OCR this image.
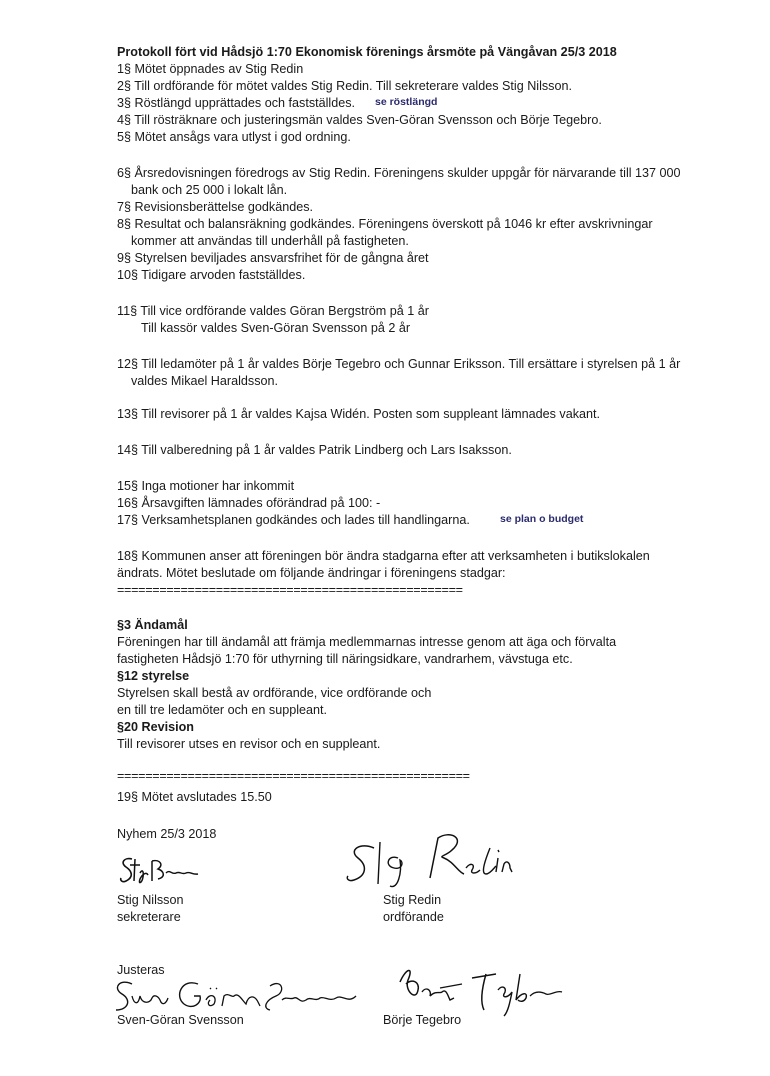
Protokoll fört vid Hådsjö 1:70 Ekonomisk förenings årsmöte på Vängåvan 25/3 2018
1§ Mötet öppnades av Stig Redin
2§ Till ordförande för mötet valdes Stig Redin. Till sekreterare valdes Stig Nilsson.
3§ Röstlängd upprättades och fastställdes. se röstlängd
4§ Till rösträknare och justeringsmän valdes Sven-Göran Svensson och Börje Tegebro.
5§ Mötet ansågs vara utlyst i god ordning.
6§ Årsredovisningen föredrogs av Stig Redin. Föreningens skulder uppgår för närvarande till 137 000
bank och 25 000 i lokalt lån.
7§ Revisionsberättelse godkändes.
8§ Resultat och balansräkning godkändes. Föreningens överskott på 1046 kr efter avskrivningar
kommer att användas till underhåll på fastigheten.
9§ Styrelsen beviljades ansvarsfrihet för de gångna året
10§ Tidigare arvoden fastställdes.
11§ Till vice ordförande valdes Göran Bergström på 1 år
Till kassör valdes Sven-Göran Svensson på 2 år
12§ Till ledamöter på 1 år valdes Börje Tegebro och Gunnar Eriksson. Till ersättare i styrelsen på 1 år
valdes Mikael Haraldsson.
13§ Till revisorer på 1 år valdes Kajsa Widén. Posten som suppleant lämnades vakant.
14§ Till valberedning på 1 år valdes Patrik Lindberg och Lars Isaksson.
15§ Inga motioner har inkommit
16§ Årsavgiften lämnades oförändrad på 100: -
17§ Verksamhetsplanen godkändes och lades till handlingarna.	se plan o budget
18§ Kommunen anser att föreningen bör ändra stadgarna efter att verksamheten i butikslokalen
ändrats. Mötet beslutade om följande ändringar i föreningens stadgar:
=================================================
§3 Ändamål
Föreningen har till ändamål att främja medlemmarnas intresse genom att äga och förvalta
fastigheten Hådsjö 1:70 för uthyrning till näringsidkare, vandrarhem, vävstuga etc.
§12 styrelse
Styrelsen skall bestå av ordförande, vice ordförande och
en till tre ledamöter och en suppleant.
§20 Revision
Till revisorer utses en revisor och en suppleant.
==================================================
19§ Mötet avslutades 15.50
Nyhem 25/3 2018
Stig Nilsson
sekreterare
Stig Redin
ordförande
Justeras
Sven-Göran Svensson	Börje Tegebro
